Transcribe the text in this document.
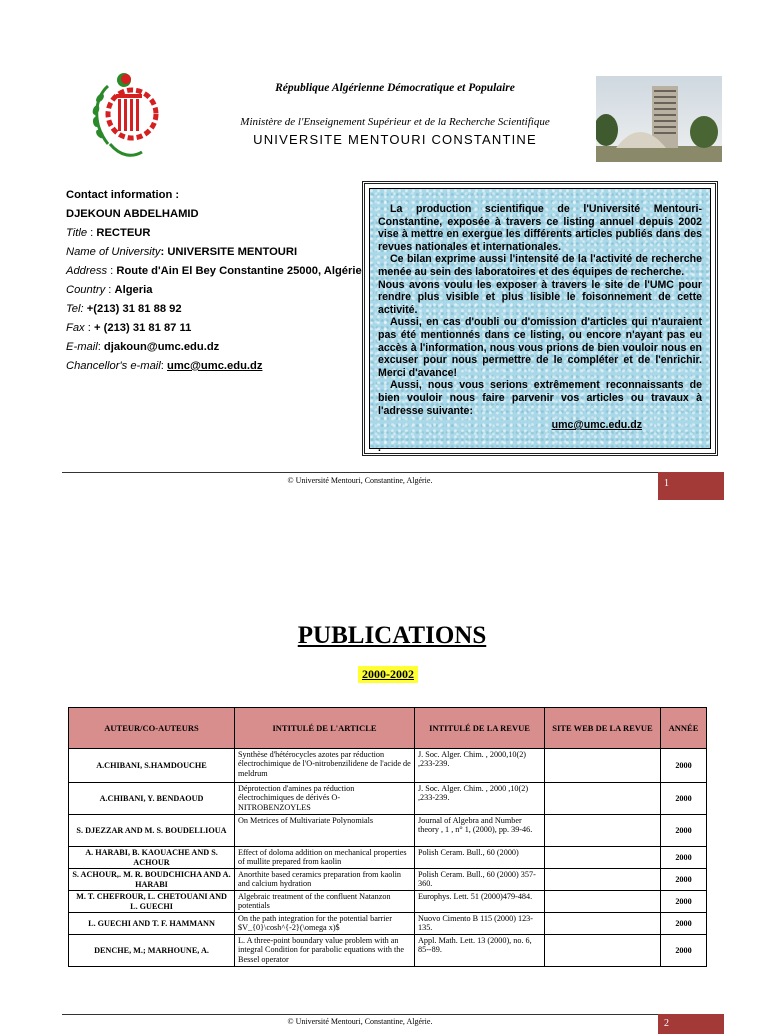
République Algérienne Démocratique et Populaire
Ministère de l'Enseignement Supérieur et de la Recherche Scientifique
UNIVERSITE MENTOURI CONSTANTINE
Contact information :
DJEKOUN ABDELHAMID
Title : RECTEUR
Name of University: UNIVERSITE MENTOURI
Address : Route d'Ain El Bey Constantine 25000, Algérie
Country : Algeria
Tel: +(213) 31 81 88 92
Fax : + (213) 31 81 87 11
E-mail: djakoun@umc.edu.dz
Chancellor's e-mail: umc@umc.edu.dz

La production scientifique de l'Université Mentouri-Constantine, exposée à travers ce listing annuel depuis 2002 vise à mettre en exergue les différents articles publiés dans des revues nationales et internationales.

Ce bilan exprime aussi l'intensité de la l'activité de recherche menée au sein des laboratoires et des équipes de recherche.

Nous avons voulu les exposer à travers le site de l'UMC pour rendre plus visible et plus lisible le foisonnement de cette activité.

Aussi, en cas d'oubli ou d'omission d'articles qui n'auraient pas été mentionnés dans ce listing, ou encore n'ayant pas eu accès à l'information, nous vous prions de bien vouloir nous en excuser pour nous permettre de le compléter et de l'enrichir. Merci d'avance!

Aussi, nous vous serions extrêmement reconnaissants de bien vouloir nous faire parvenir vos articles ou travaux à l'adresse suivante:

umc@umc.edu.dz

.

© Université Mentouri, Constantine, Algérie.	1
PUBLICATIONS
2000-2002
AUTEUR/CO-AUTEURS	INTITULÉ DE L'ARTICLE	INTITULÉ DE LA REVUE	SITE WEB DE LA REVUE	ANNÉE
A.CHIBANI, S.HAMDOUCHE	Synthèse d'hétérocycles azotes par réduction électrochimique de l'O-nitrobenzilidene de l'acide de meldrum	J. Soc. Alger. Chim. , 2000,10(2) ,233-239.		2000
A.CHIBANI, Y. BENDAOUD	Déprotection d'amines pa réduction électrochimiques de dérivés O-NITROBENZOYLES	J. Soc. Alger. Chim. , 2000 ,10(2) ,233-239.		2000
S. DJEZZAR AND M. S. BOUDELLIOUA	On Metrices of Multivariate Polynomials	Journal of Algebra and Number theory , 1 , n° 1, (2000), pp. 39-46.		2000
A. HARABI, B. KAOUACHE AND S. ACHOUR	Effect of doloma addition on mechanical properties of mullite prepared from kaolin	Polish Ceram. Bull., 60 (2000)		2000
S. ACHOUR,. M. R. BOUDCHICHA AND A. HARABI	Anorthite based ceramics preparation from kaolin and calcium hydration	Polish Ceram. Bull., 60 (2000) 357-360.		2000
M. T. CHEFROUR, L. CHETOUANI AND L. GUECHI	Algebraic treatment of the confluent Natanzon potentials	Europhys. Lett. 51 (2000)479-484.		2000
L. GUECHI AND T. F. HAMMANN	On the path integration for the potential barrier $V_{0}\cosh^{-2}(\omega x)$	Nuovo Cimento B 115 (2000) 123-135.		2000
DENCHE, M.; MARHOUNE, A.	L. A three-point boundary value problem with an integral Condition for parabolic equations with the Bessel operator	Appl. Math. Lett. 13 (2000), no. 6, 85--89.		2000
© Université Mentouri, Constantine, Algérie.	2
